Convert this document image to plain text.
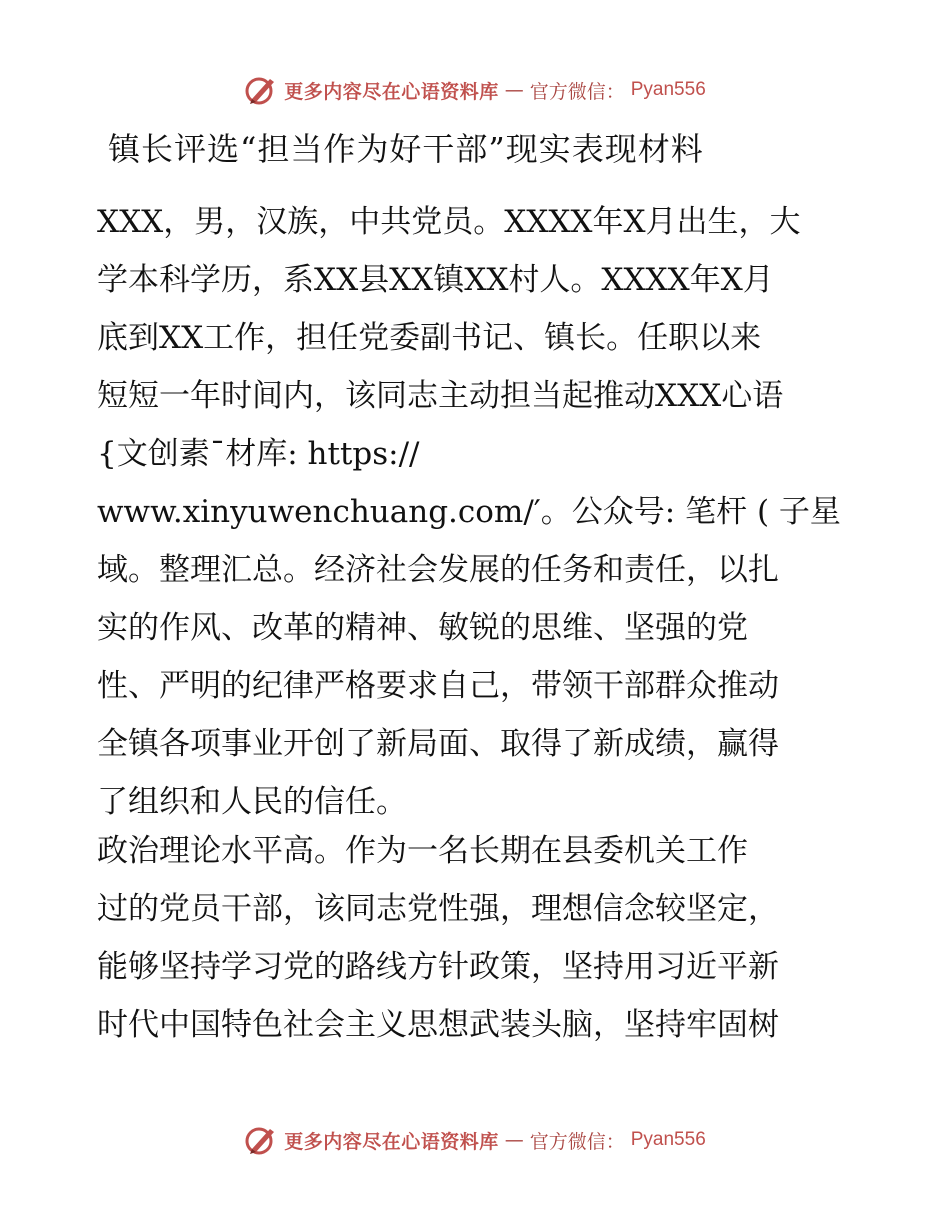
更多内容尽在心语资料库 — 官方微信： Pyan556
镇长评选“担当作为好干部”现实表现材料
XXX，男，汉族，中共党员。XXXX年X月出生，大
学本科学历，系XX县XX镇XX村人。XXXX年X月
底到XX工作，担任党委副书记、镇长。任职以来
短短一年时间内，该同志主动担当起推动XXX心语
{文创素¯材库: https://
www.xinyuwenchuang.com/′。公众号: 笔杆 ( 子星
域。整理汇总。经济社会发展的任务和责任，以扎
实的作风、改革的精神、敏锐的思维、坚强的党
性、严明的纪律严格要求自己，带领干部群众推动
全镇各项事业开创了新局面、取得了新成绩，赢得
了组织和人民的信任。
政治理论水平高。作为一名长期在县委机关工作
过的党员干部，该同志党性强，理想信念较坚定，
能够坚持学习党的路线方针政策，坚持用习近平新
时代中国特色社会主义思想武装头脑，坚持牢固树
更多内容尽在心语资料库 — 官方微信： Pyan556
